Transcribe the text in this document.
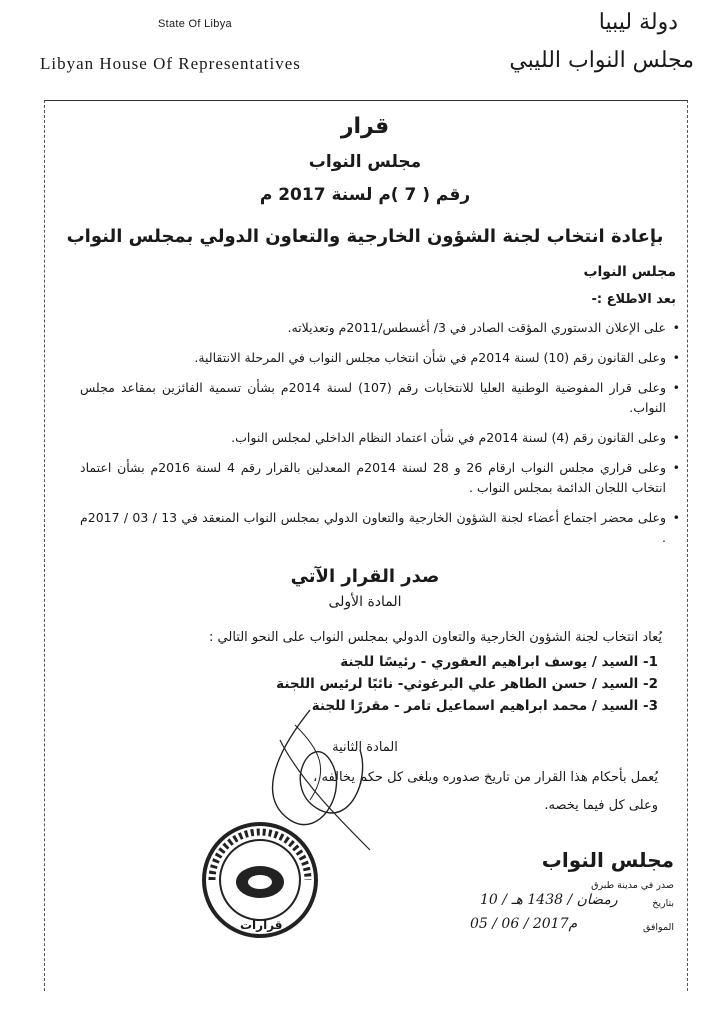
State Of Libya
Libyan House Of Representatives
دولة ليبيا
مجلس النواب الليبي
قرار
مجلس النواب
رقم ( 7 )م لسنة 2017 م
بإعادة انتخاب لجنة الشؤون الخارجية والتعاون الدولي بمجلس النواب
مجلس النواب
بعد الاطلاع :-
• على الإعلان الدستوري المؤقت الصادر في 3/ أغسطس/2011م وتعديلاته.
• وعلى القانون رقم (10) لسنة 2014م في شأن انتخاب مجلس النواب في المرحلة الانتقالية.
• وعلى قرار المفوضية الوطنية العليا للانتخابات رقم (107) لسنة 2014م بشأن تسمية الفائزين بمقاعد مجلس النواب.
• وعلى القانون رقم (4) لسنة 2014م في شأن اعتماد النظام الداخلي لمجلس النواب.
• وعلى قراري مجلس النواب ارقام 26 و 28 لسنة 2014م المعدلين بالقرار رقم 4 لسنة 2016م بشأن اعتماد انتخاب اللجان الدائمة بمجلس النواب .
• وعلى محضر اجتماع أعضاء لجنة الشؤون الخارجية والتعاون الدولي بمجلس النواب المنعقد في 13 / 03 / 2017م .
صدر القرار الآتي
المادة الأولى
يُعاد انتخاب لجنة الشؤون الخارجية والتعاون الدولي بمجلس النواب على النحو التالي :
1- السيد / يوسف ابراهيم العقوري - رئيسًا للجنة
2- السيد / حسن الطاهر علي البرغوثي- نائبًا لرئيس اللجنة
3- السيد / محمد ابراهيم اسماعيل تامر - مقررًا للجنة
المادة الثانية
يُعمل بأحكام هذا القرار من تاريخ صدوره ويلغى كل حكم يخالفه ،
وعلى كل فيما يخصه.
مجلس النواب
قرارات
صدر في مدينة طبرق
بتاريخ
10 / رمضان / 1438 هـ
الموافق
05 / 06 / 2017م
